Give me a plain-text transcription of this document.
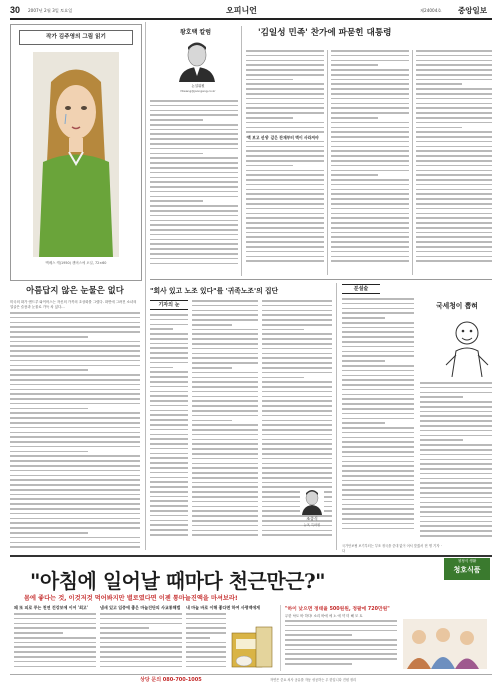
30 2007년 2월 3일 토요일	오피니언	제24004호 중앙일보
작가 김주영의 그림 읽기
맥베스 캐(1950) 캔버스에 오일, 72×60
아름답지 않은 눈물은 없다
미국의 화가 앤드루 와이어스는 자신의 가족의 초상화를 그렸다. 화면에 그려진 소녀의 얼굴은 슬픔과 눈물로 가득 차 있다…
왕호택 칼럼
논설위원
htwang@joongang.co.kr
'김일성 민족' 찬가에 파묻힌 대통령
'벽 보고 선생' 같은 잔재부터 벽이 사라져야
"회사 있고 노조 있다"를 '귀족노조'의 집단
기자의 눈
조종식
뉴욕 특파원
분설술
국세청이 뽑혀
서 현 명 기자 ·
국가안보협 보기부터는 부조 정국을 중대 없이 어서 맞겠다
청정식 생활
청호식품
"아침에 일어날 때마다 천근만근?"
몸에 좋다는 것, 이것저것 먹어봐지만 별로였다면 이젠 통마늘진액을 마셔보라!
왜 또 피로 푸는 천연 건강보에 이어 '최고'	냄새 있고 입증에 좋은 마늘진단의 사교통해법	내 마늘 바로 이해 좋다면 하여 사평액에게	"하이 낮으면 정태율 500원원, 정팔에 720만원"
무한 낙도 바 하다! 소리 바에 에 노 에 약 미 해 모 토
상당 문의 080-700-1005	자연은 중요 처사 공유를 자동 성공하는 무 한입니다 진원 정리
